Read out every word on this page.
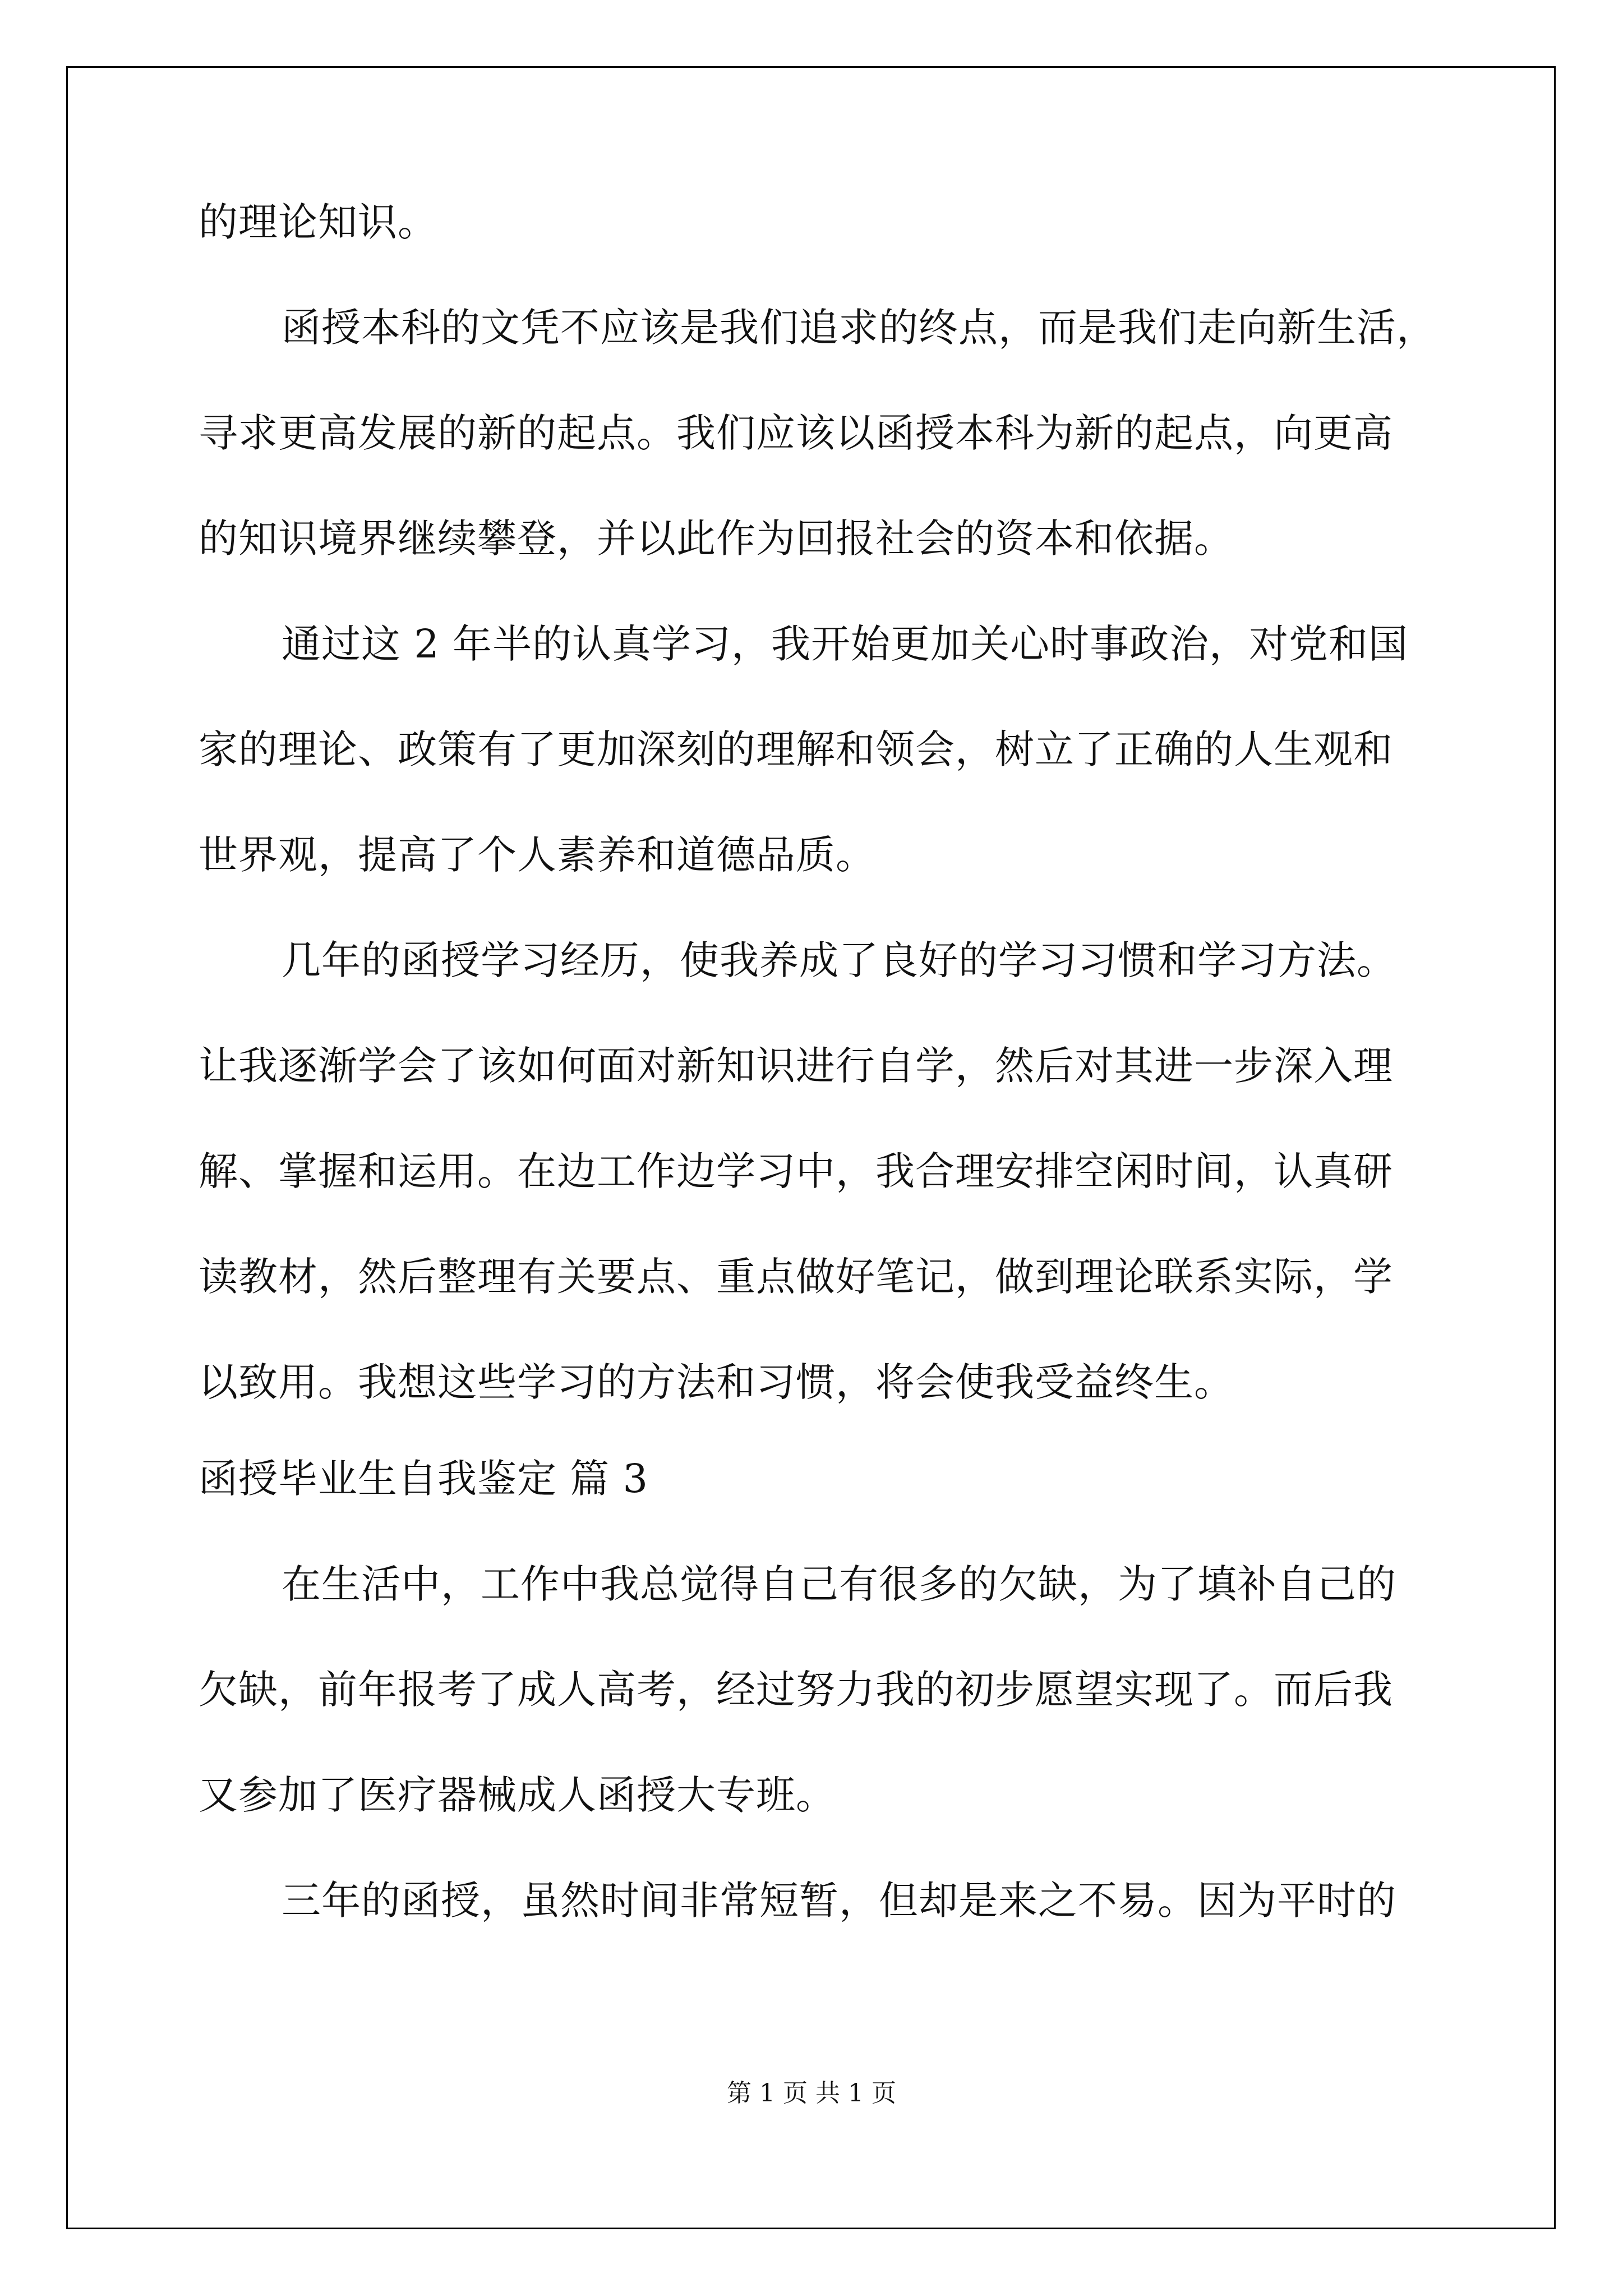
的理论知识。
函授本科的文凭不应该是我们追求的终点，而是我们走向新生活，
寻求更高发展的新的起点。我们应该以函授本科为新的起点，向更高
的知识境界继续攀登，并以此作为回报社会的资本和依据。
通过这 2 年半的认真学习，我开始更加关心时事政治，对党和国
家的理论、政策有了更加深刻的理解和领会，树立了正确的人生观和
世界观，提高了个人素养和道德品质。
几年的函授学习经历，使我养成了良好的学习习惯和学习方法。
让我逐渐学会了该如何面对新知识进行自学，然后对其进一步深入理
解、掌握和运用。在边工作边学习中，我合理安排空闲时间，认真研
读教材，然后整理有关要点、重点做好笔记，做到理论联系实际，学
以致用。我想这些学习的方法和习惯，将会使我受益终生。
函授毕业生自我鉴定 篇 3
在生活中，工作中我总觉得自己有很多的欠缺，为了填补自己的
欠缺，前年报考了成人高考，经过努力我的初步愿望实现了。而后我
又参加了医疗器械成人函授大专班。
三年的函授，虽然时间非常短暂，但却是来之不易。因为平时的
第 1 页 共 1 页
